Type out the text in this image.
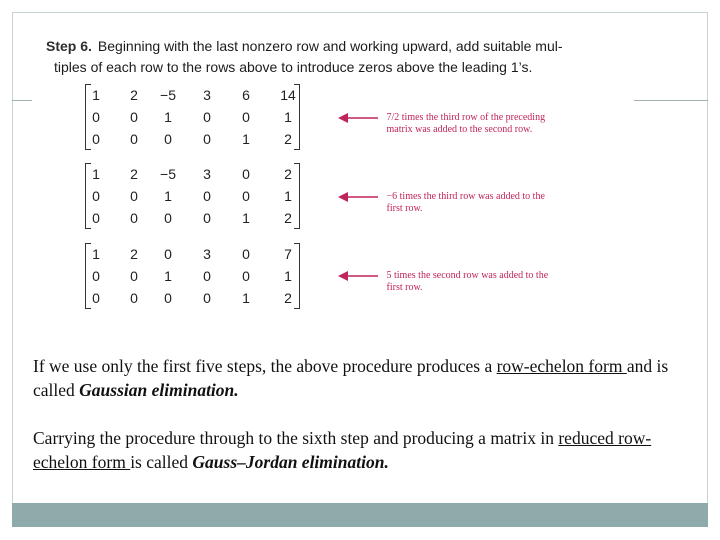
Step 6. Beginning with the last nonzero row and working upward, add suitable mul-
tiples of each row to the rows above to introduce zeros above the leading 1’s.
1	2	−5	3	6	14
0	0	1	0	0	1
0	0	0	0	1	2
1	2	−5	3	0	2
0	0	1	0	0	1
0	0	0	0	1	2
1	2	0	3	0	7
0	0	1	0	0	1
0	0	0	0	1	2
7/2 times the third row of the preceding
matrix was added to the second row.
−6 times the third row was added to the
first row.
5 times the second row was added to the
first row.
If we use only the first five steps, the above procedure produces a row-echelon form and is called Gaussian elimination.
Carrying the procedure through to the sixth step and producing a matrix in reduced row-echelon form is called Gauss–Jordan elimination.
